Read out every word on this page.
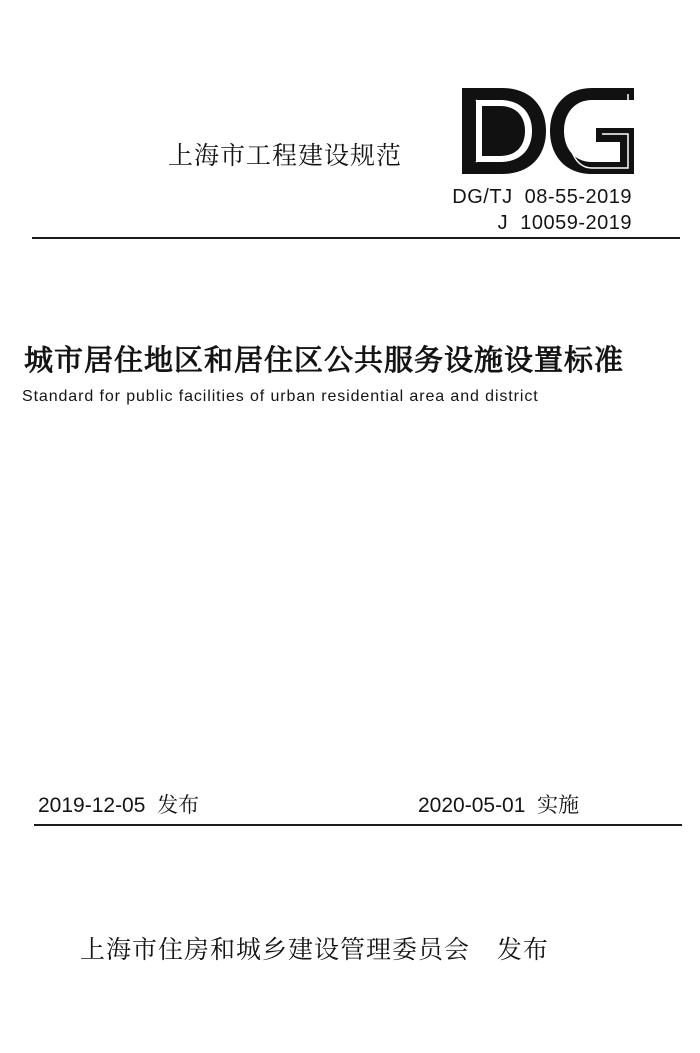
上海市工程建设规范
DG/TJ  08-55-2019
J  10059-2019
城市居住地区和居住区公共服务设施设置标准
Standard for public facilities of urban residential area and district
2019-12-05 发布	2020-05-01 实施
上海市住房和城乡建设管理委员会 发布
